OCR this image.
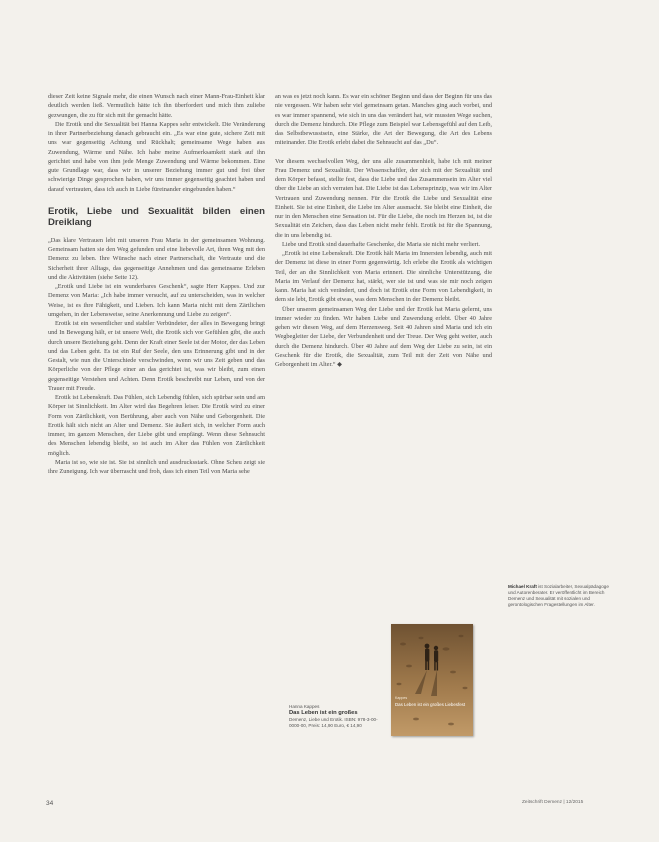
dieser Zeit keine Signale mehr, die einen Wunsch nach einer Mann-Frau-Einheit klar deutlich werden ließ. Vermutlich hätte ich ihn überfordert und mich ihm zuliebe gezwungen, die zu für sich mit ihr gemacht hätte.

Die Erotik und die Sexualität bei Hanna Kappes sehr entwickelt. Die Veränderung in ihrer Partnerbeziehung danach gebraucht ein. „Es war eine gute, sichere Zeit mit uns war gegenseitig Achtung und Rückhalt; gemeinsame Wege haben aus Zuwendung, Wärme und Nähe. Ich habe meine Aufmerksamkeit stark auf ihn gerichtet und habe von ihm jede Menge Zuwendung und Wärme bekommen. Eine gute Grundlage war, dass wir in unserer Beziehung immer gut und frei über schwierige Dinge gesprochen haben, wir uns immer gegenseitig geachtet haben und darauf vertrauten, dass ich auch in Liebe füreinander eingebunden haben.“

Erotik, Liebe und Sexualität bilden einen Dreiklang

„Das klare Vertrauen lebt mit unseren Frau Maria in der gemeinsamen Wohnung. Gemeinsam hatten sie den Weg gefunden und eine liebevolle Art, ihren Weg mit den Demenz zu leben. Ihre Wünsche nach einer Partnerschaft, die Vertraute und die Sicherheit ihrer Alltags, das gegenseitige Annehmen und das gemeinsame Erleben und die Aktivitäten (siehe Seite 12).

„Erotik und Liebe ist ein wunderbares Geschenk“, sagte Herr Kappes. Und zur Demenz von Maria: „Ich habe immer versucht, auf zu unterscheiden, was in welcher Weise, ist es ihre Fähigkeit, und Lieben. Ich kann Maria nicht mit dem Zärtlichen umgehen, in der Lebensweise, seine Anerkennung und Liebe zu zeigen“.

Erotik ist ein wesentlicher und stabiler Verbündeter, der alles in Bewegung bringt und In Bewegung hält, er ist unsere Welt, die Erotik sich vor Gefühlen gibt, die auch durch unsere Beziehung geht. Denn der Kraft einer Seele ist der Motor, der das Leben und das Leben geht. Es ist ein Ruf der Seele, den uns Erinnerung gibt und in der Gestalt, wie nun die Unterschiede verschwinden, wenn wir uns Zeit geben und das Körperliche von der Pflege einer an das gerichtet ist, was wir bleibt, zum einen gegenseitige Verstehen und Achten. Denn Erotik beschreibt nur Leben, und von der Trauer mit Freude.

Erotik ist Lebenskraft. Das Fühlen, sich Lebendig fühlen, sich spürbar sein und am Körper ist Sinnlichkeit. Im Alter wird das Begehren leiser. Die Erotik wird zu einer Form von Zärtlichkeit, von Berührung, aber auch von Nähe und Geborgenheit. Die Erotik hält sich nicht an Alter und Demenz. Sie äußert sich, in welcher Form auch immer, im ganzen Menschen, der Liebe gibt und empfängt. Wenn diese Sehnsucht des Menschen lebendig bleibt, so ist auch im Alter das Fühlen von Zärtlichkeit möglich.

Maria ist so, wie sie ist. Sie ist sinnlich und ausdrucksstark. Ohne Scheu zeigt sie ihre Zuneigung. Ich war überrascht und froh, dass ich einen Teil von Maria sehe

an was es jetzt noch kann. Es war ein schöner Beginn und dass der Beginn für uns das nie vergessen. Wir haben sehr viel gemeinsam getan. Manches ging auch vorbei, und es war immer spannend, wie sich in uns das verändert hat, wir mussten Wege suchen, durch die Demenz hindurch. Die Pflege zum Beispiel war Lebensgefühl auf den Leib, das Selbstbewusstsein, eine Stärke, die Art der Bewegung, die Art des Lebens miteinander. Die Erotik erlebt dabei die Sehnsucht auf das „Du“.

Vor diesem wechselvollen Weg, der uns alle zusammenhielt, habe ich mit meiner Frau Demenz und Sexualität. Der Wissenschaftler, der sich mit der Sexualität und dem Körper befasst, stellte fest, dass die Liebe und das Zusammensein im Alter viel über die Liebe an sich verraten hat. Die Liebe ist das Lebensprinzip, was wir im Alter Vertrauen und Zuwendung nennen. Für die Erotik die Liebe und Sexualität eine Einheit. Sie ist eine Einheit, die Liebe im Alter ausmacht. Sie bleibt eine Einheit, die nur in den Menschen eine Sensation ist. Für die Liebe, die noch im Herzen ist, ist die Sexualität ein Zeichen, dass das Leben nicht mehr fehlt. Erotik ist für die Spannung, die in uns lebendig ist.

Liebe und Erotik sind dauerhafte Geschenke, die Maria sie nicht mehr verliert.

„Erotik ist eine Lebenskraft. Die Erotik hält Maria im Innersten lebendig, auch mit der Demenz ist diese in einer Form gegenwärtig. Ich erlebe die Erotik als wichtigen Teil, der an die Sinnlichkeit von Maria erinnert. Die sinnliche Unterstützung, die Maria im Verlauf der Demenz hat, stärkt, wer sie ist und was sie mir noch zeigen kann. Maria hat sich verändert, und doch ist Erotik eine Form von Lebendigkeit, in dem sie lebt, Erotik gibt etwas, was dem Menschen in der Demenz bleibt.

Über unseren gemeinsamen Weg der Liebe und der Erotik hat Maria gelernt, uns immer wieder zu finden. Wir haben Liebe und Zuwendung erlebt. Über 40 Jahre gehen wir diesen Weg, auf dem Herzensweg. Seit 40 Jahren sind Maria und ich ein Wegbegleiter der Liebe, der Verbundenheit und der Treue. Der Weg geht weiter, auch durch die Demenz hindurch. Über 40 Jahre auf dem Weg der Liebe zu sein, ist ein Geschenk für die Erotik, die Sexualität, zum Teil mit der Zeit von Nähe und Geborgenheit im Alter.“ ◆

Michael Kraft ist Sozialarbeiter, Sexualpädagoge und Autorenberater. Er veröffentlicht im Bereich Demenz und Sexualität mit sozialen und gerontologischen Fragestellungen im Alter.
Kappes
Das Leben ist ein großes Liebesfest
Hanna Kappes
Das Leben ist ein großes
Demenz, Liebe und Erotik. ISBN: 978-3-00-0000-00, Preis: 14,90 Euro, € 14,90
34	Zeitschrift Demenz | 12/2015
